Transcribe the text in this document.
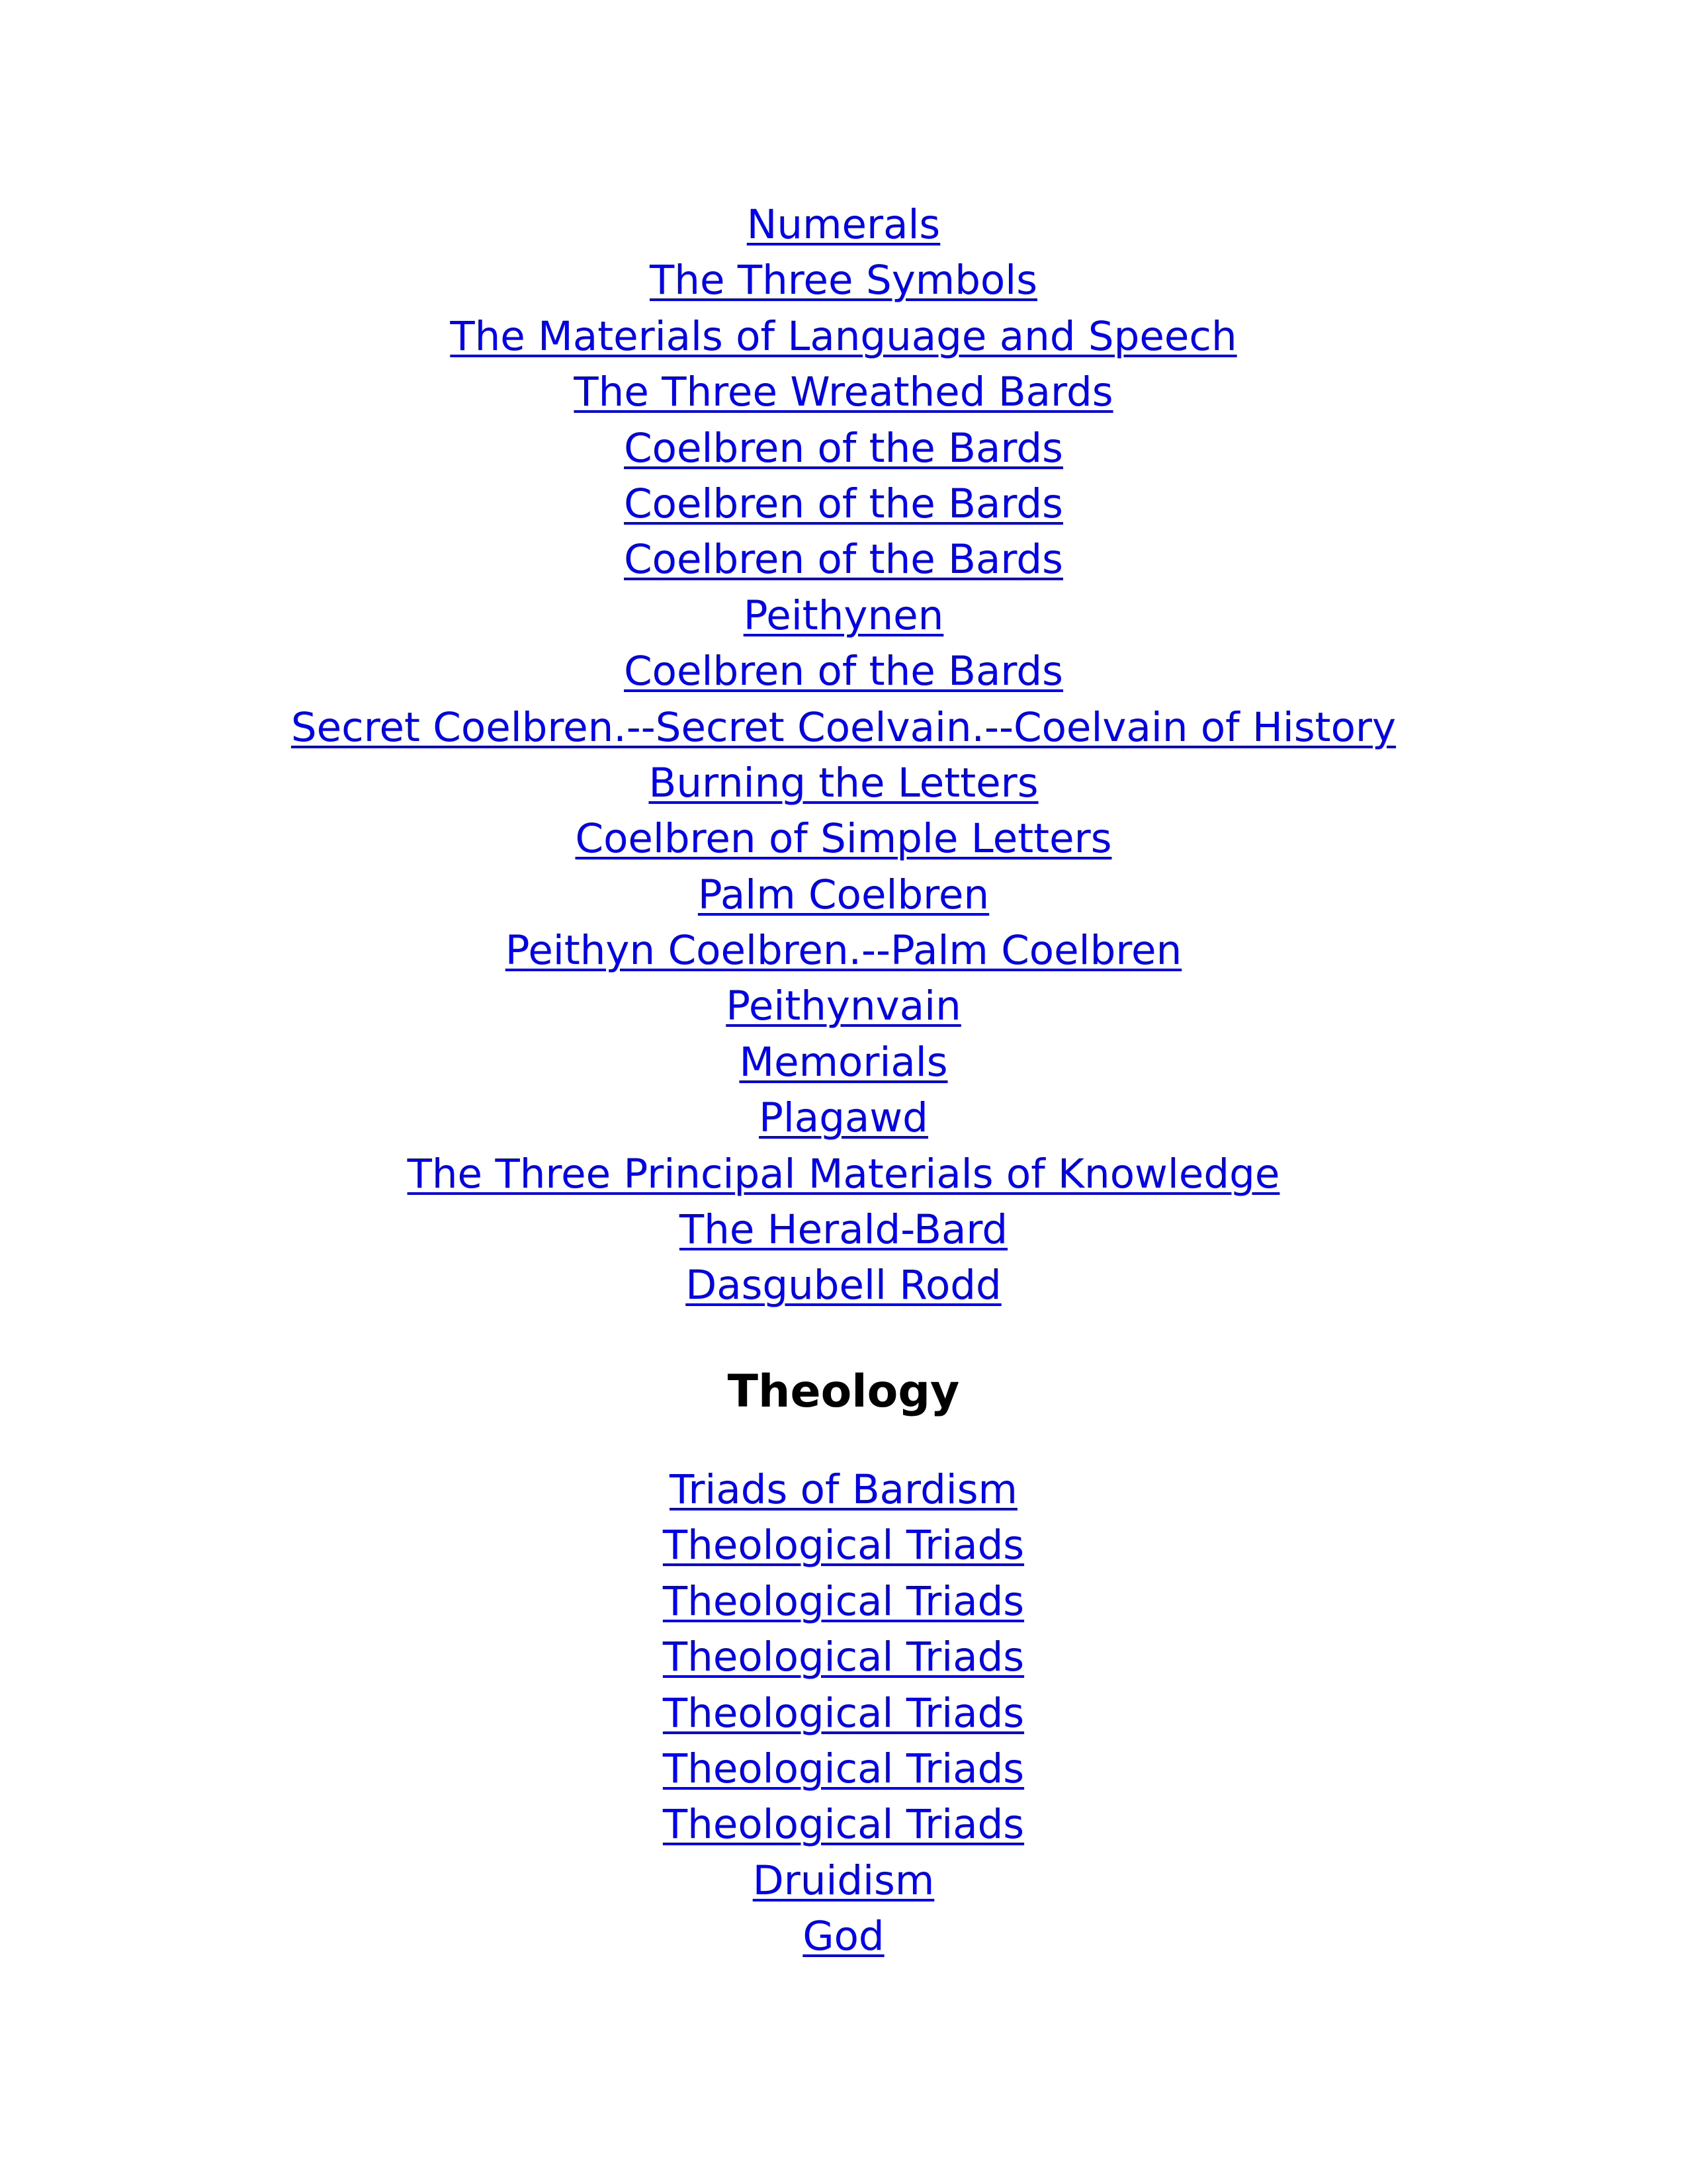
Numerals
The Three Symbols
The Materials of Language and Speech
The Three Wreathed Bards
Coelbren of the Bards
Coelbren of the Bards
Coelbren of the Bards
Peithynen
Coelbren of the Bards
Secret Coelbren.--Secret Coelvain.--Coelvain of History
Burning the Letters
Coelbren of Simple Letters
Palm Coelbren
Peithyn Coelbren.--Palm Coelbren
Peithynvain
Memorials
Plagawd
The Three Principal Materials of Knowledge
The Herald-Bard
Dasgubell Rodd
Theology
Triads of Bardism
Theological Triads
Theological Triads
Theological Triads
Theological Triads
Theological Triads
Theological Triads
Druidism
God
